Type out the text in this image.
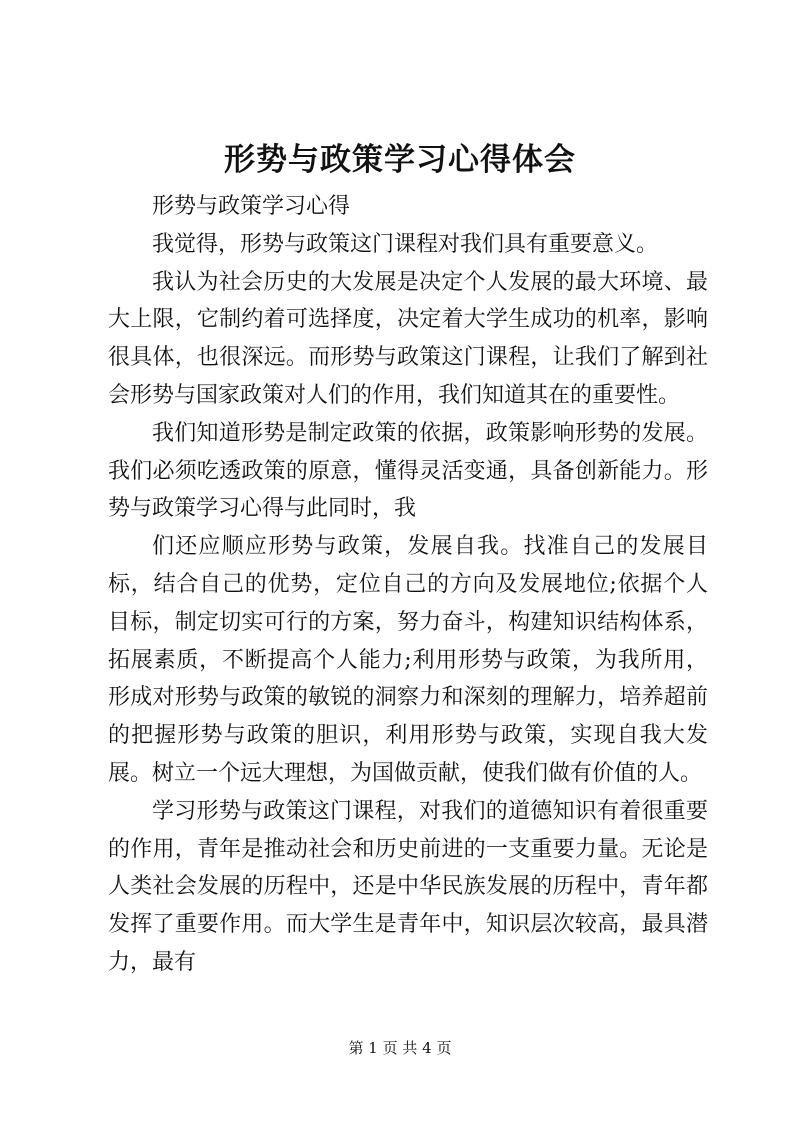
形势与政策学习心得体会

形势与政策学习心得

我觉得，形势与政策这门课程对我们具有重要意义。

我认为社会历史的大发展是决定个人发展的最大环境、最大上限，它制约着可选择度，决定着大学生成功的机率，影响很具体，也很深远。而形势与政策这门课程，让我们了解到社会形势与国家政策对人们的作用，我们知道其在的重要性。

我们知道形势是制定政策的依据，政策影响形势的发展。我们必须吃透政策的原意，懂得灵活变通，具备创新能力。形势与政策学习心得与此同时，我

们还应顺应形势与政策，发展自我。找准自己的发展目标，结合自己的优势，定位自己的方向及发展地位;依据个人目标，制定切实可行的方案，努力奋斗，构建知识结构体系，拓展素质，不断提高个人能力;利用形势与政策，为我所用，形成对形势与政策的敏锐的洞察力和深刻的理解力，培养超前的把握形势与政策的胆识，利用形势与政策，实现自我大发展。树立一个远大理想，为国做贡献，使我们做有价值的人。

学习形势与政策这门课程，对我们的道德知识有着很重要的作用，青年是推动社会和历史前进的一支重要力量。无论是人类社会发展的历程中，还是中华民族发展的历程中，青年都发挥了重要作用。而大学生是青年中，知识层次较高，最具潜力，最有

第 1 页 共 4 页
